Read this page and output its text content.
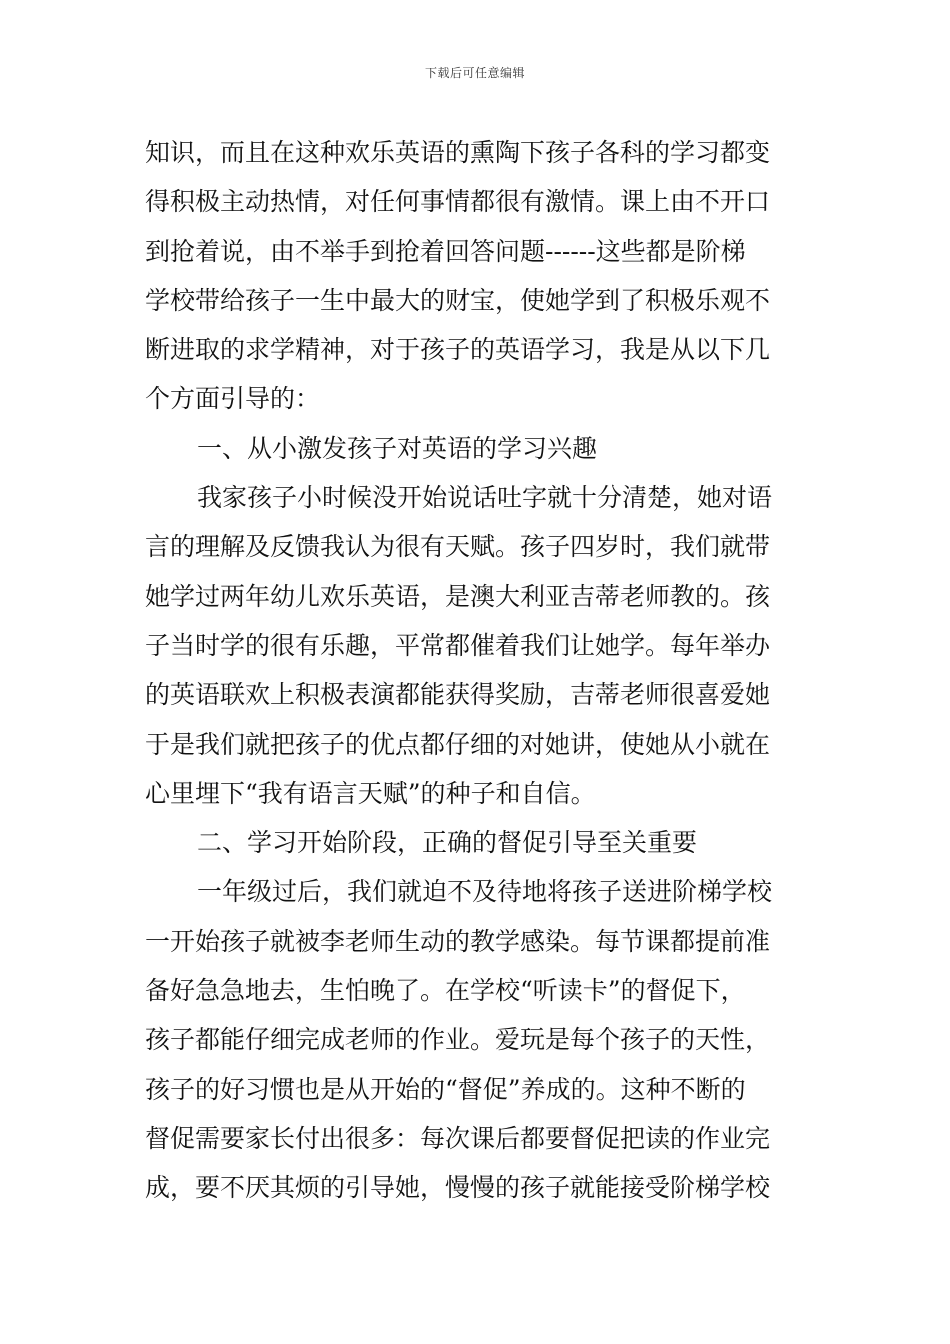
下载后可任意编辑
知识，而且在这种欢乐英语的熏陶下孩子各科的学习都变
得积极主动热情，对任何事情都很有激情。课上由不开口
到抢着说，由不举手到抢着回答问题------这些都是阶梯
学校带给孩子一生中最大的财宝，使她学到了积极乐观不
断进取的求学精神，对于孩子的英语学习，我是从以下几
个方面引导的：
一、从小激发孩子对英语的学习兴趣
我家孩子小时候没开始说话吐字就十分清楚，她对语
言的理解及反馈我认为很有天赋。孩子四岁时，我们就带
她学过两年幼儿欢乐英语，是澳大利亚吉蒂老师教的。孩
子当时学的很有乐趣，平常都催着我们让她学。每年举办
的英语联欢上积极表演都能获得奖励，吉蒂老师很喜爱她
于是我们就把孩子的优点都仔细的对她讲，使她从小就在
心里埋下“我有语言天赋”的种子和自信。
二、学习开始阶段，正确的督促引导至关重要
一年级过后，我们就迫不及待地将孩子送进阶梯学校
一开始孩子就被李老师生动的教学感染。每节课都提前准
备好急急地去，生怕晚了。在学校“听读卡”的督促下，
孩子都能仔细完成老师的作业。爱玩是每个孩子的天性，
孩子的好习惯也是从开始的“督促”养成的。这种不断的
督促需要家长付出很多：每次课后都要督促把读的作业完
成，要不厌其烦的引导她，慢慢的孩子就能接受阶梯学校
